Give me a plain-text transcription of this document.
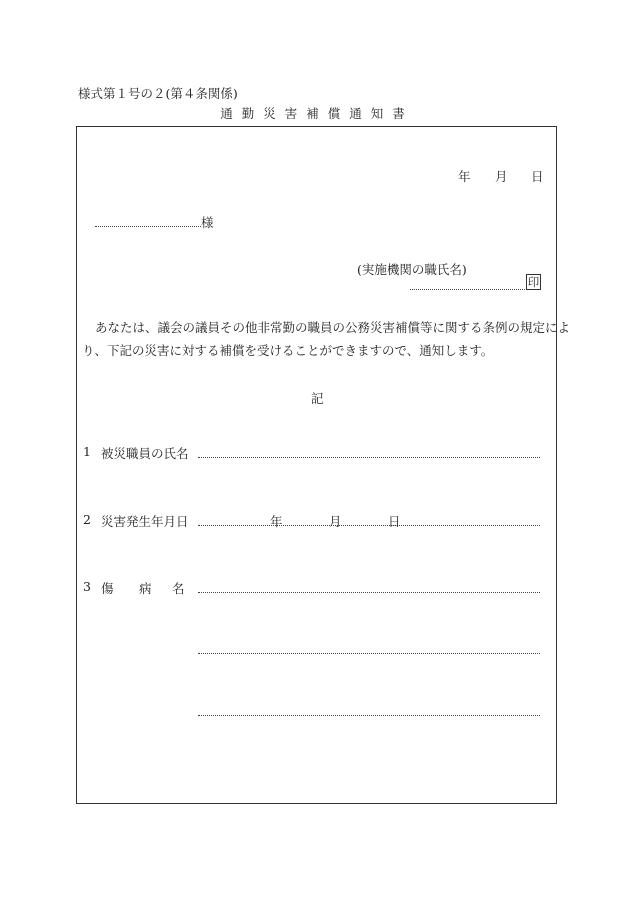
様式第１号の２(第４条関係)
通勤災害補償通知書
年 月 日
様
(実施機関の職氏名)
印
あなたは、議会の議員その他非常勤の職員の公務災害補償等に関する条例の規定によ
り、下記の災害に対する補償を受けることができますので、通知します。
記
1 被災職員の氏名
2 災害発生年月日	年	月	日
3 傷 病 名
